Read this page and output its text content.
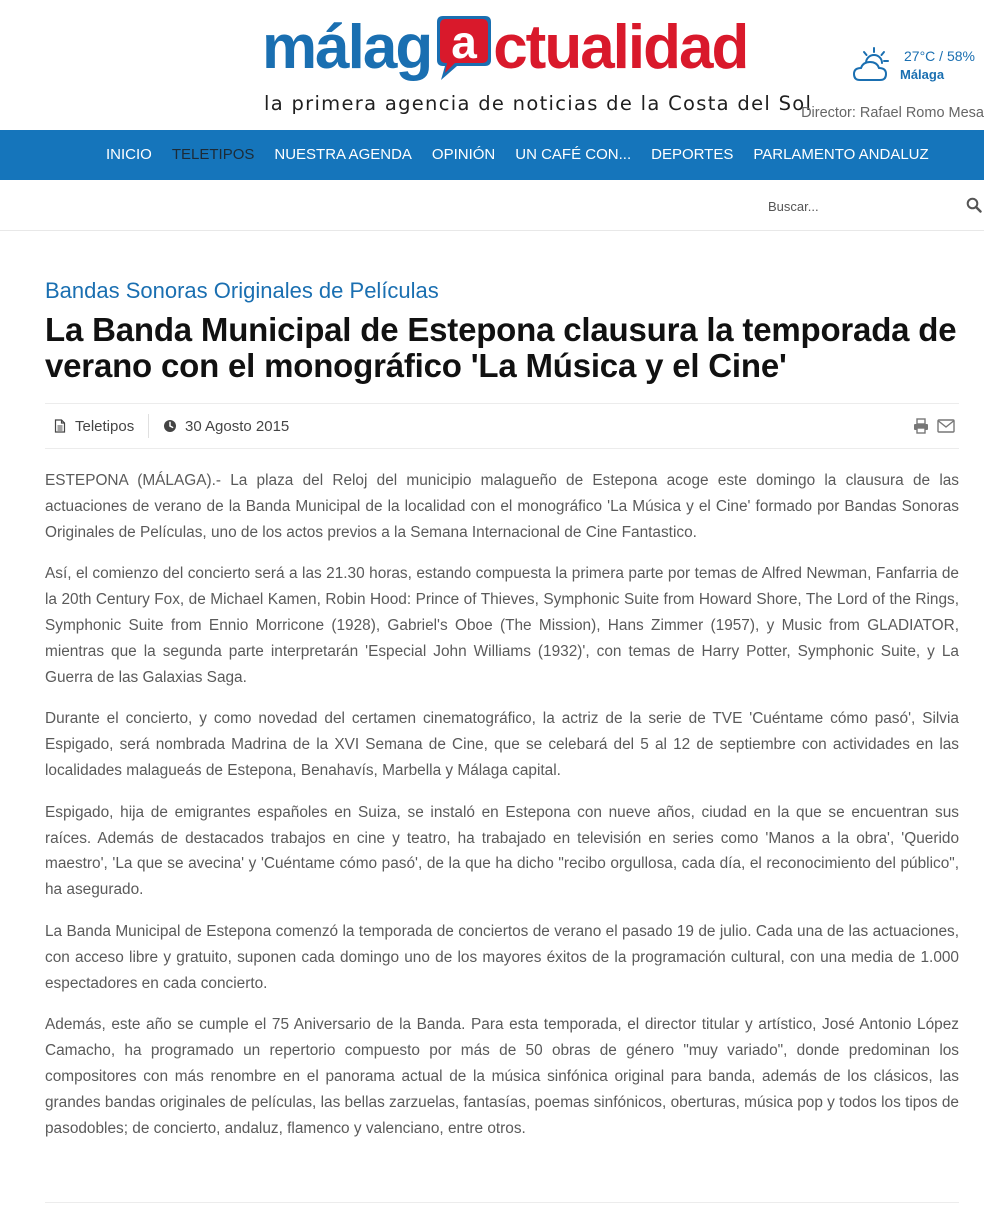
málag a ctualidad
la primera agencia de noticias de la Costa del Sol
27°C / 58%
Málaga
Director: Rafael Romo Mesa
INICIO	TELETIPOS	NUESTRA AGENDA	OPINIÓN	UN CAFÉ CON...	DEPORTES	PARLAMENTO ANDALUZ
Buscar...
Bandas Sonoras Originales de Películas
La Banda Municipal de Estepona clausura la temporada de verano con el monográfico 'La Música y el Cine'
Teletipos	30 Agosto 2015

ESTEPONA (MÁLAGA).- La plaza del Reloj del municipio malagueño de Estepona acoge este domingo la clausura de las actuaciones de verano de la Banda Municipal de la localidad con el monográfico 'La Música y el Cine' formado por Bandas Sonoras Originales de Películas, uno de los actos previos a la Semana Internacional de Cine Fantastico.

Así, el comienzo del concierto será a las 21.30 horas, estando compuesta la primera parte por temas de Alfred Newman, Fanfarria de la 20th Century Fox, de Michael Kamen, Robin Hood: Prince of Thieves, Symphonic Suite from Howard Shore, The Lord of the Rings, Symphonic Suite from Ennio Morricone (1928), Gabriel's Oboe (The Mission), Hans Zimmer (1957), y Music from GLADIATOR, mientras que la segunda parte interpretarán 'Especial John Williams (1932)', con temas de Harry Potter, Symphonic Suite, y La Guerra de las Galaxias Saga.

Durante el concierto, y como novedad del certamen cinematográfico, la actriz de la serie de TVE 'Cuéntame cómo pasó', Silvia Espigado, será nombrada Madrina de la XVI Semana de Cine, que se celebará del 5 al 12 de septiembre con actividades en las localidades malagueás de Estepona, Benahavís, Marbella y Málaga capital.

Espigado, hija de emigrantes españoles en Suiza, se instaló en Estepona con nueve años, ciudad en la que se encuentran sus raíces. Además de destacados trabajos en cine y teatro, ha trabajado en televisión en series como 'Manos a la obra', 'Querido maestro', 'La que se avecina' y 'Cuéntame cómo pasó', de la que ha dicho "recibo orgullosa, cada día, el reconocimiento del público", ha asegurado.

La Banda Municipal de Estepona comenzó la temporada de conciertos de verano el pasado 19 de julio. Cada una de las actuaciones, con acceso libre y gratuito, suponen cada domingo uno de los mayores éxitos de la programación cultural, con una media de 1.000 espectadores en cada concierto.

Además, este año se cumple el 75 Aniversario de la Banda. Para esta temporada, el director titular y artístico, José Antonio López Camacho, ha programado un repertorio compuesto por más de 50 obras de género "muy variado", donde predominan los compositores con más renombre en el panorama actual de la música sinfónica original para banda, además de los clásicos, las grandes bandas originales de películas, las bellas zarzuelas, fantasías, poemas sinfónicos, oberturas, música pop y todos los tipos de pasodobles; de concierto, andaluz, flamenco y valenciano, entre otros.
